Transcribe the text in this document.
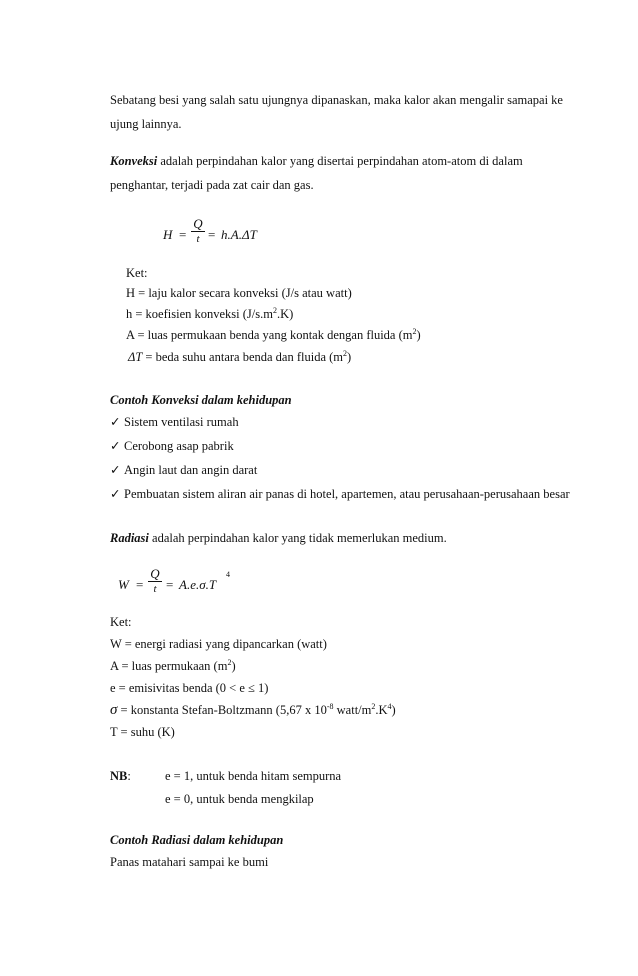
Sebatang besi yang salah satu ujungnya dipanaskan, maka kalor akan mengalir samapai ke
ujung lainnya.
Konveksi adalah perpindahan kalor yang disertai perpindahan atom-atom di dalam
penghantar, terjadi pada zat cair dan gas.
H =
Q
t = h.A.ΔT
Ket:
H = laju kalor secara konveksi (J/s atau watt)
h = koefisien konveksi $(J/s.m^2.K)$
A = luas permukaan benda yang kontak dengan fluida $(m^2)$
ΔT = beda suhu antara benda dan fluida $(m^2)$
Contoh Konveksi dalam kehidupan
✓ Sistem ventilasi rumah
✓ Cerobong asap pabrik
✓ Angin laut dan angin darat
✓ Pembuatan sistem aliran air panas di hotel, apartemen, atau perusahaan-perusahaan besar
Radiasi adalah perpindahan kalor yang tidak memerlukan medium.
W =
Q
t = A.e.σ.T
4
Ket:
W = energi radiasi yang dipancarkan (watt)
A = luas permukaan $(m^2)$
e = emisivitas benda (0 < e ≤ 1)
σ = konstanta Stefan-Boltzmann (5,67 x $10^{-8}$ watt/$m^2.K^4$)
T = suhu (K)
NB:	e = 1, untuk benda hitam sempurna
e = 0, untuk benda mengkilap
Contoh Radiasi dalam kehidupan
Panas matahari sampai ke bumi
